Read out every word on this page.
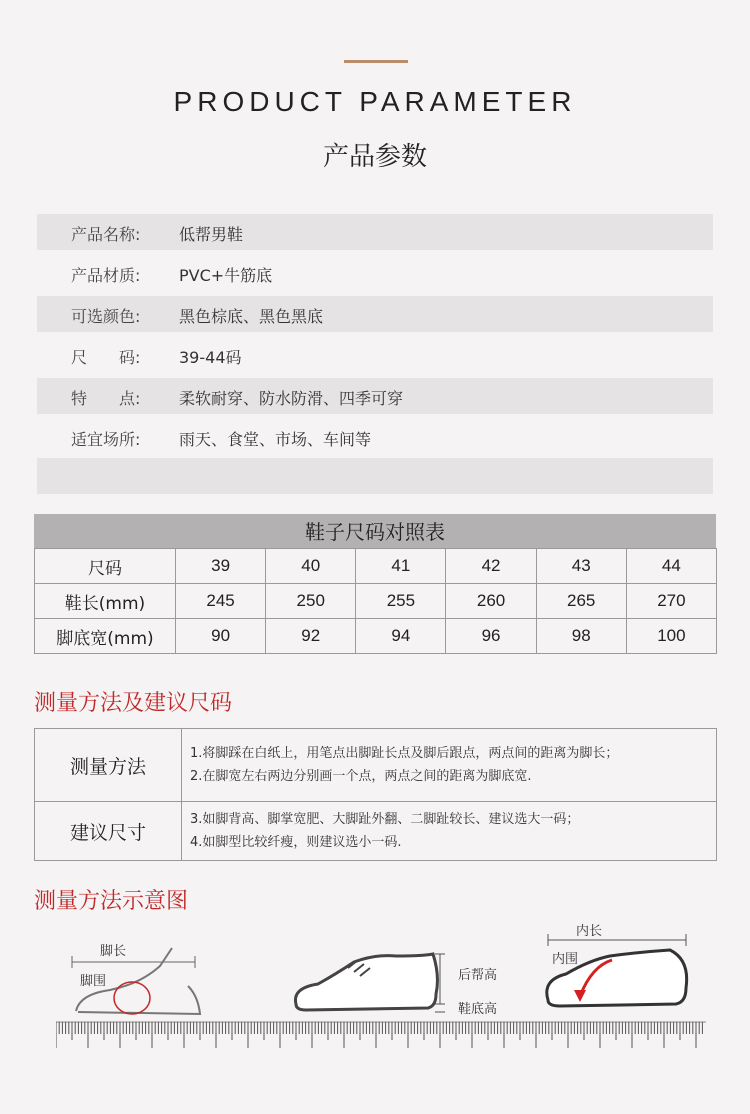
PRODUCT PARAMETER
产品参数
产品名称:	低帮男鞋
产品材质:	PVC+牛筋底
可选颜色:	黑色棕底、黑色黑底
尺　　码:	39-44码
特　　点:	柔软耐穿、防水防滑、四季可穿
适宜场所:	雨天、食堂、市场、车间等
鞋子尺码对照表
尺码	39	40	41	42	43	44
鞋长(mm)	245	250	255	260	265	270
脚底宽(mm)	90	92	94	96	98	100
测量方法及建议尺码
测量方法	1.将脚踩在白纸上，用笔点出脚趾长点及脚后跟点，两点间的距离为脚长；
2.在脚宽左右两边分别画一个点，两点之间的距离为脚底宽.

建议尺寸	3.如脚背高、脚掌宽肥、大脚趾外翻、二脚趾较长、建议选大一码；
4.如脚型比较纤瘦，则建议选小一码.
测量方法示意图
脚长
脚围	后帮高
鞋底高
内长
内围
